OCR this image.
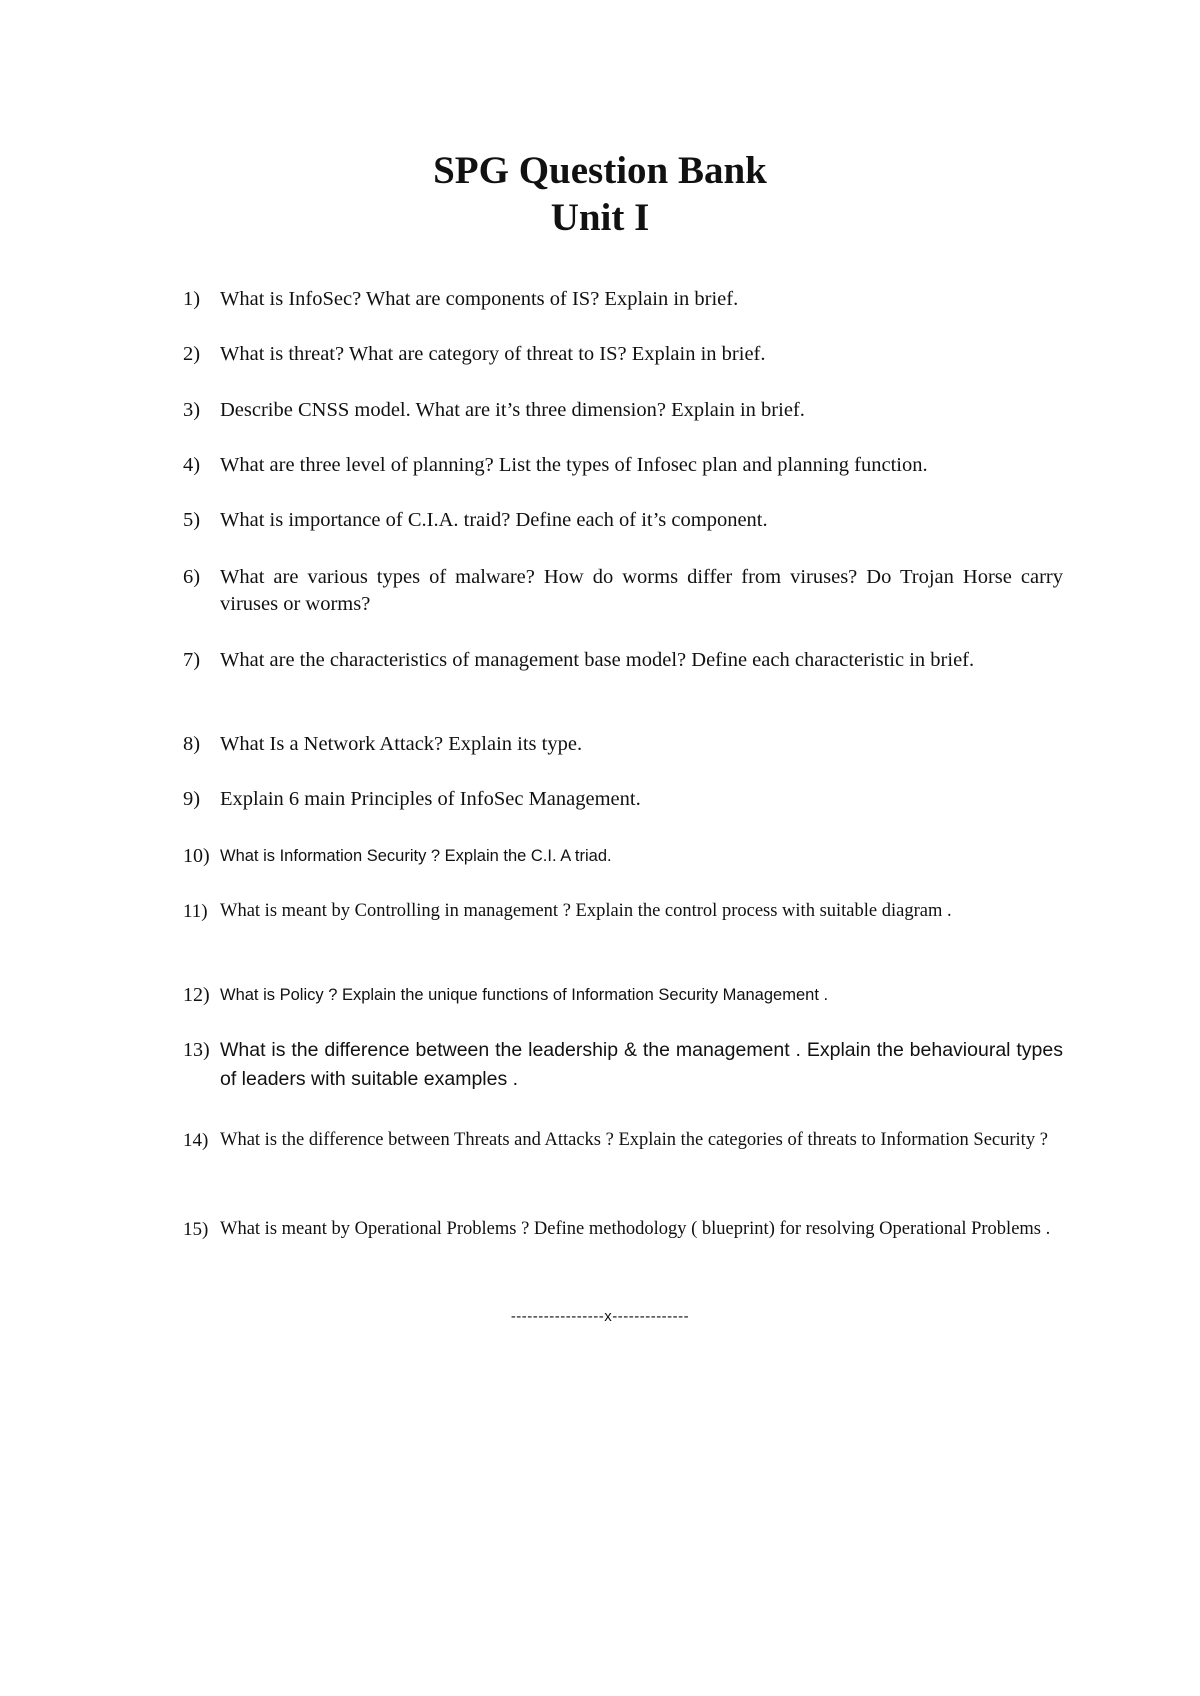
SPG Question Bank
Unit I
1) What is InfoSec? What are components of IS? Explain in brief.
2) What is threat? What are category of threat to IS? Explain in brief.
3) Describe CNSS model. What are it’s three dimension? Explain in brief.
4) What are three level of planning? List the types of Infosec plan and planning function.
5) What is importance of C.I.A. traid? Define each of it’s component.
6) What are various types of malware? How do worms differ from viruses? Do Trojan Horse carry viruses or worms?
7) What are the characteristics of management base model? Define each characteristic in brief.
8) What Is a Network Attack? Explain its type.
9) Explain 6 main Principles of InfoSec Management.
10) What is Information Security ? Explain the C.I. A triad.
11) What is meant by Controlling in management ? Explain the control process with suitable diagram .
12) What is Policy ? Explain the unique functions of Information Security Management .
13) What is the difference between the leadership & the management . Explain the behavioural types of leaders with suitable examples .
14) What is the difference between Threats and Attacks ? Explain the categories of threats to Information Security ?
15) What is meant by Operational Problems ? Define methodology ( blueprint) for resolving Operational Problems .
-----------------x--------------
